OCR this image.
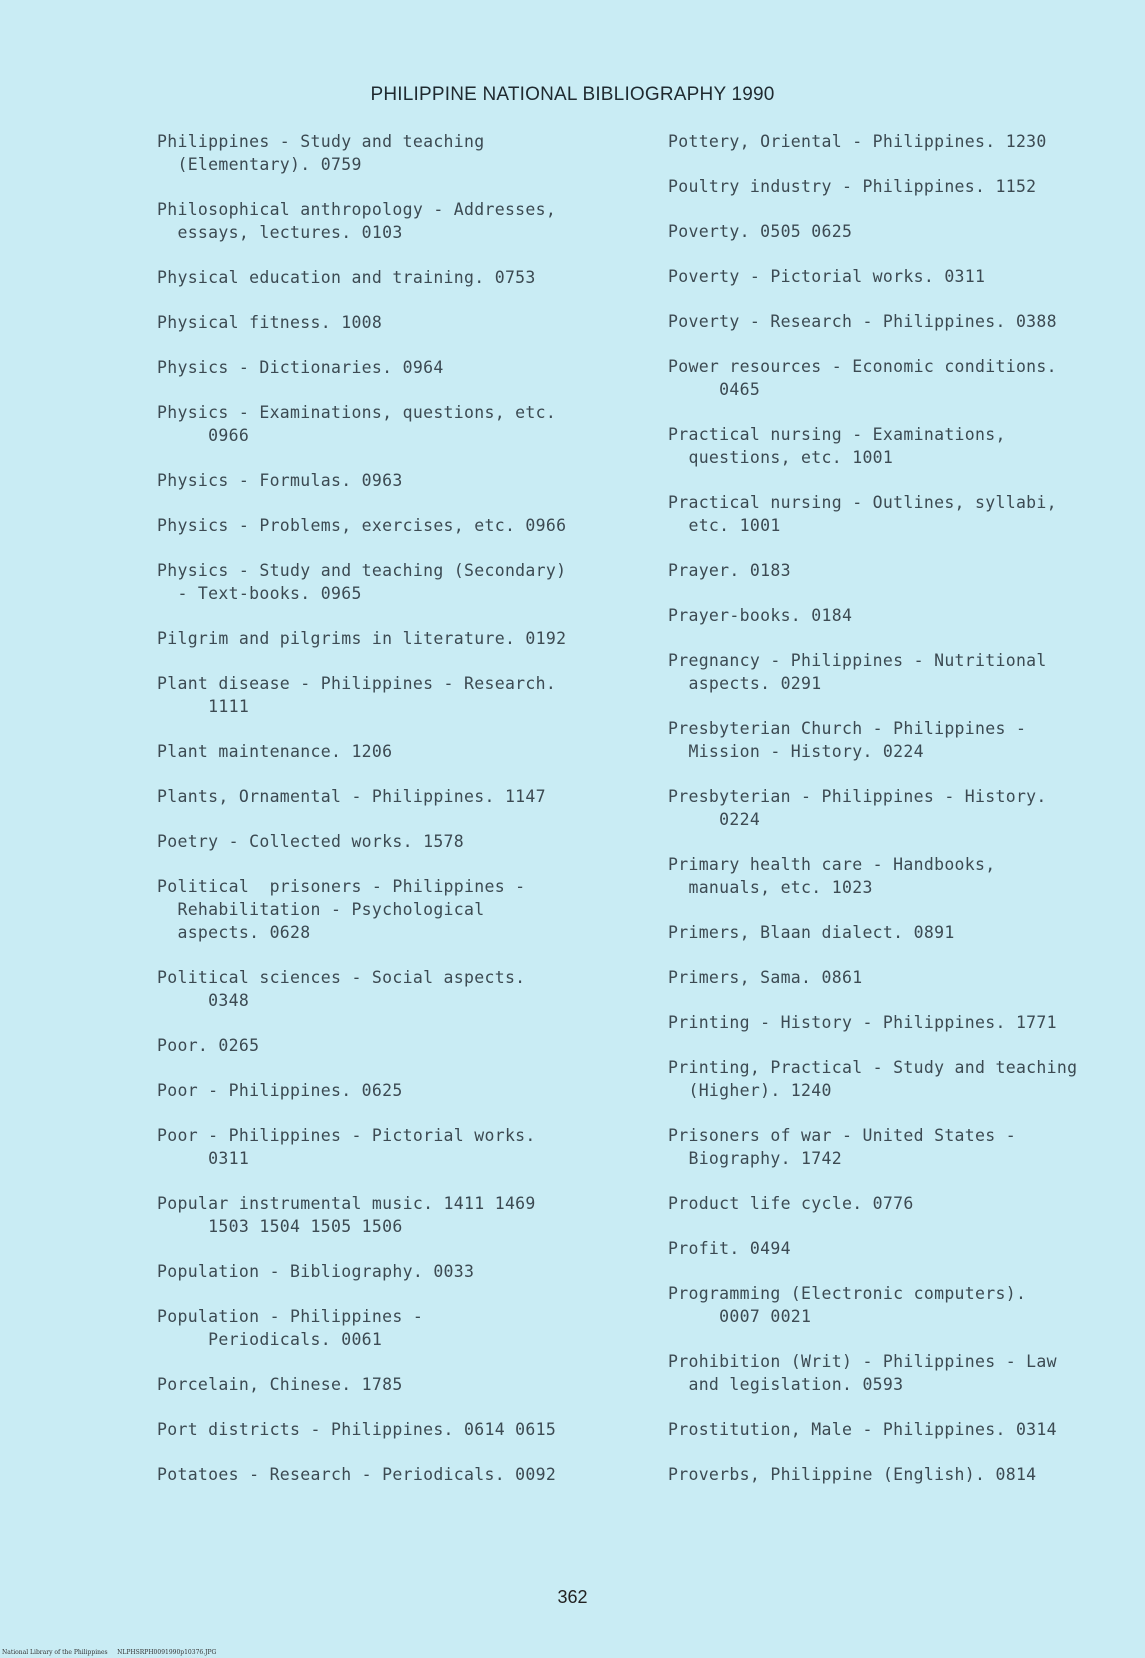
PHILIPPINE NATIONAL BIBLIOGRAPHY 1990
Philippines - Study and teaching
(Elementary). 0759
Philosophical anthropology - Addresses,
essays, lectures. 0103
Physical education and training. 0753
Physical fitness. 1008
Physics - Dictionaries. 0964
Physics - Examinations, questions, etc.
0966
Physics - Formulas. 0963
Physics - Problems, exercises, etc. 0966
Physics - Study and teaching (Secondary)
- Text-books. 0965
Pilgrim and pilgrims in literature. 0192
Plant disease - Philippines - Research.
1111
Plant maintenance. 1206
Plants, Ornamental - Philippines. 1147
Poetry - Collected works. 1578
Political  prisoners - Philippines -
Rehabilitation - Psychological
aspects. 0628
Political sciences - Social aspects.
0348
Poor. 0265
Poor - Philippines. 0625
Poor - Philippines - Pictorial works.
0311
Popular instrumental music. 1411 1469
1503 1504 1505 1506
Population - Bibliography. 0033
Population - Philippines -
Periodicals. 0061
Porcelain, Chinese. 1785
Port districts - Philippines. 0614 0615
Potatoes - Research - Periodicals. 0092
Pottery, Oriental - Philippines. 1230
Poultry industry - Philippines. 1152
Poverty. 0505 0625
Poverty - Pictorial works. 0311
Poverty - Research - Philippines. 0388
Power resources - Economic conditions.
0465
Practical nursing - Examinations,
questions, etc. 1001
Practical nursing - Outlines, syllabi,
etc. 1001
Prayer. 0183
Prayer-books. 0184
Pregnancy - Philippines - Nutritional
aspects. 0291
Presbyterian Church - Philippines -
Mission - History. 0224
Presbyterian - Philippines - History.
0224
Primary health care - Handbooks,
manuals, etc. 1023
Primers, Blaan dialect. 0891
Primers, Sama. 0861
Printing - History - Philippines. 1771
Printing, Practical - Study and teaching
(Higher). 1240
Prisoners of war - United States -
Biography. 1742
Product life cycle. 0776
Profit. 0494
Programming (Electronic computers).
0007 0021
Prohibition (Writ) - Philippines - Law
and legislation. 0593
Prostitution, Male - Philippines. 0314
Proverbs, Philippine (English). 0814
362
National Library of the Philippines     NLPHSRPH0091990p10376.JPG
